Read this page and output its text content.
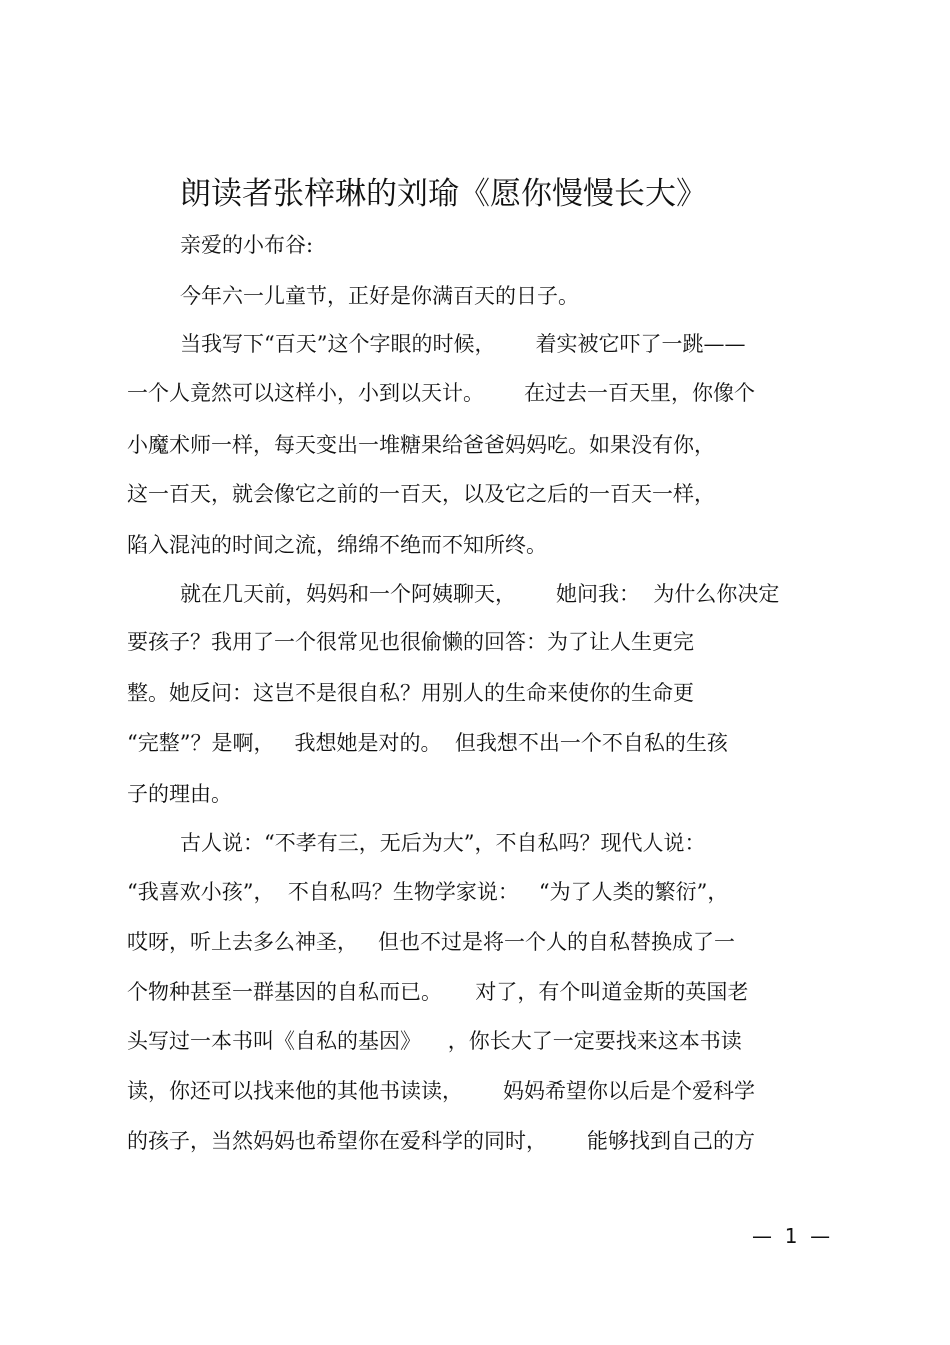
朗读者张梓琳的刘瑜《愿你慢慢长大》
亲爱的小布谷:
今年六一儿童节，正好是你满百天的日子。
当我写下“百天”这个字眼的时候，      着实被它吓了一跳——
一个人竟然可以这样小，小到以天计。      在过去一百天里，你像个
小魔术师一样，每天变出一堆糖果给爸爸妈妈吃。如果没有你，
这一百天，就会像它之前的一百天，以及它之后的一百天一样，
陷入混沌的时间之流，绵绵不绝而不知所终。
就在几天前，妈妈和一个阿姨聊天，      她问我：  为什么你决定
要孩子？我用了一个很常见也很偷懒的回答：为了让人生更完
整。她反问：这岂不是很自私？用别人的生命来使你的生命更
“完整”？是啊，   我想她是对的。  但我想不出一个不自私的生孩
子的理由。
古人说：“不孝有三，无后为大”，不自私吗？现代人说：
“我喜欢小孩”，  不自私吗？生物学家说：   “为了人类的繁衍”，
哎呀，听上去多么神圣，   但也不过是将一个人的自私替换成了一
个物种甚至一群基因的自私而已。     对了，有个叫道金斯的英国老
头写过一本书叫《自私的基因》    ，你长大了一定要找来这本书读
读，你还可以找来他的其他书读读，      妈妈希望你以后是个爱科学
的孩子，当然妈妈也希望你在爱科学的同时，      能够找到自己的方
—  1  —
